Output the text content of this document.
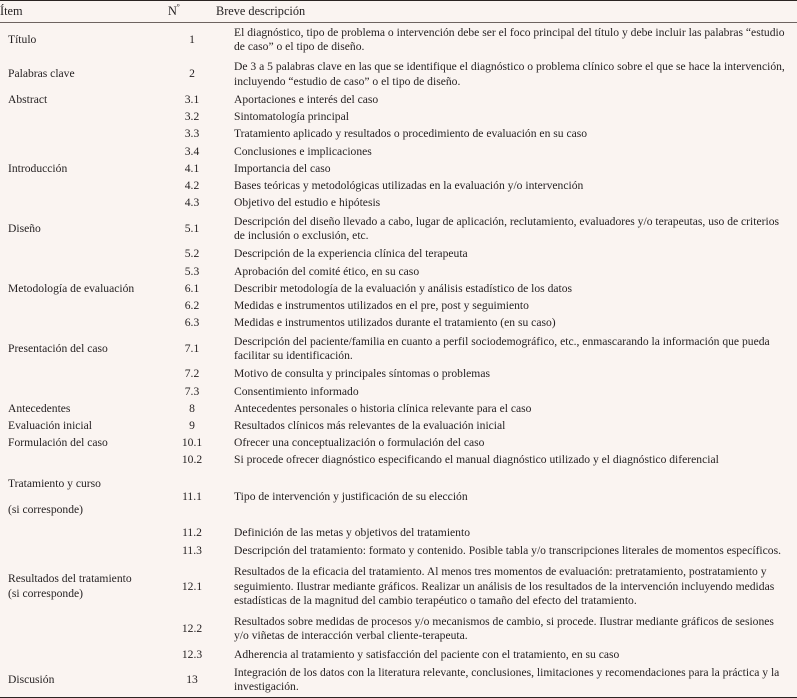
Ítem	$N^º$	Breve descripción

Título	1	El diagnóstico, tipo de problema o intervención debe ser el foco principal del título y debe incluir las palabras “estudio de caso” o el tipo de diseño.

Palabras clave	2	De 3 a 5 palabras clave en las que se identifique el diagnóstico o problema clínico sobre el que se hace la intervención, incluyendo “estudio de caso” o el tipo de diseño.

Abstract	3.1	Aportaciones e interés del caso
	3.2	Sintomatología principal
	3.3	Tratamiento aplicado y resultados o procedimiento de evaluación en su caso
	3.4	Conclusiones e implicaciones

Introducción	4.1	Importancia del caso
	4.2	Bases teóricas y metodológicas utilizadas en la evaluación y/o intervención
	4.3	Objetivo del estudio e hipótesis

Diseño	5.1	Descripción del diseño llevado a cabo, lugar de aplicación, reclutamiento, evaluadores y/o terapeutas, uso de criterios de inclusión o exclusión, etc.
	5.2	Descripción de la experiencia clínica del terapeuta
	5.3	Aprobación del comité ético, en su caso

Metodología de evaluación	6.1	Describir metodología de la evaluación y análisis estadístico de los datos
	6.2	Medidas e instrumentos utilizados en el pre, post y seguimiento
	6.3	Medidas e instrumentos utilizados durante el tratamiento (en su caso)

Presentación del caso	7.1	Descripción del paciente/familia en cuanto a perfil sociodemográfico, etc., enmascarando la información que pueda facilitar su identificación.
	7.2	Motivo de consulta y principales síntomas o problemas
	7.3	Consentimiento informado

Antecedentes	8	Antecedentes personales o historia clínica relevante para el caso

Evaluación inicial	9	Resultados clínicos más relevantes de la evaluación inicial

Formulación del caso	10.1	Ofrecer una conceptualización o formulación del caso
	10.2	Si procede ofrecer diagnóstico especificando el manual diagnóstico utilizado y el diagnóstico diferencial

Tratamiento y curso
(si corresponde)	11.1	Tipo de intervención y justificación de su elección
	11.2	Definición de las metas y objetivos del tratamiento
	11.3	Descripción del tratamiento: formato y contenido. Posible tabla y/o transcripciones literales de momentos específicos.

Resultados del tratamiento
(si corresponde)	12.1	Resultados de la eficacia del tratamiento. Al menos tres momentos de evaluación: pretratamiento, postratamiento y seguimiento. Ilustrar mediante gráficos. Realizar un análisis de los resultados de la intervención incluyendo medidas estadísticas de la magnitud del cambio terapéutico o tamaño del efecto del tratamiento.
	12.2	Resultados sobre medidas de procesos y/o mecanismos de cambio, si procede. Ilustrar mediante gráficos de sesiones y/o viñetas de interacción verbal cliente-terapeuta.
	12.3	Adherencia al tratamiento y satisfacción del paciente con el tratamiento, en su caso

Discusión	13	Integración de los datos con la literatura relevante, conclusiones, limitaciones y recomendaciones para la práctica y la investigación.
